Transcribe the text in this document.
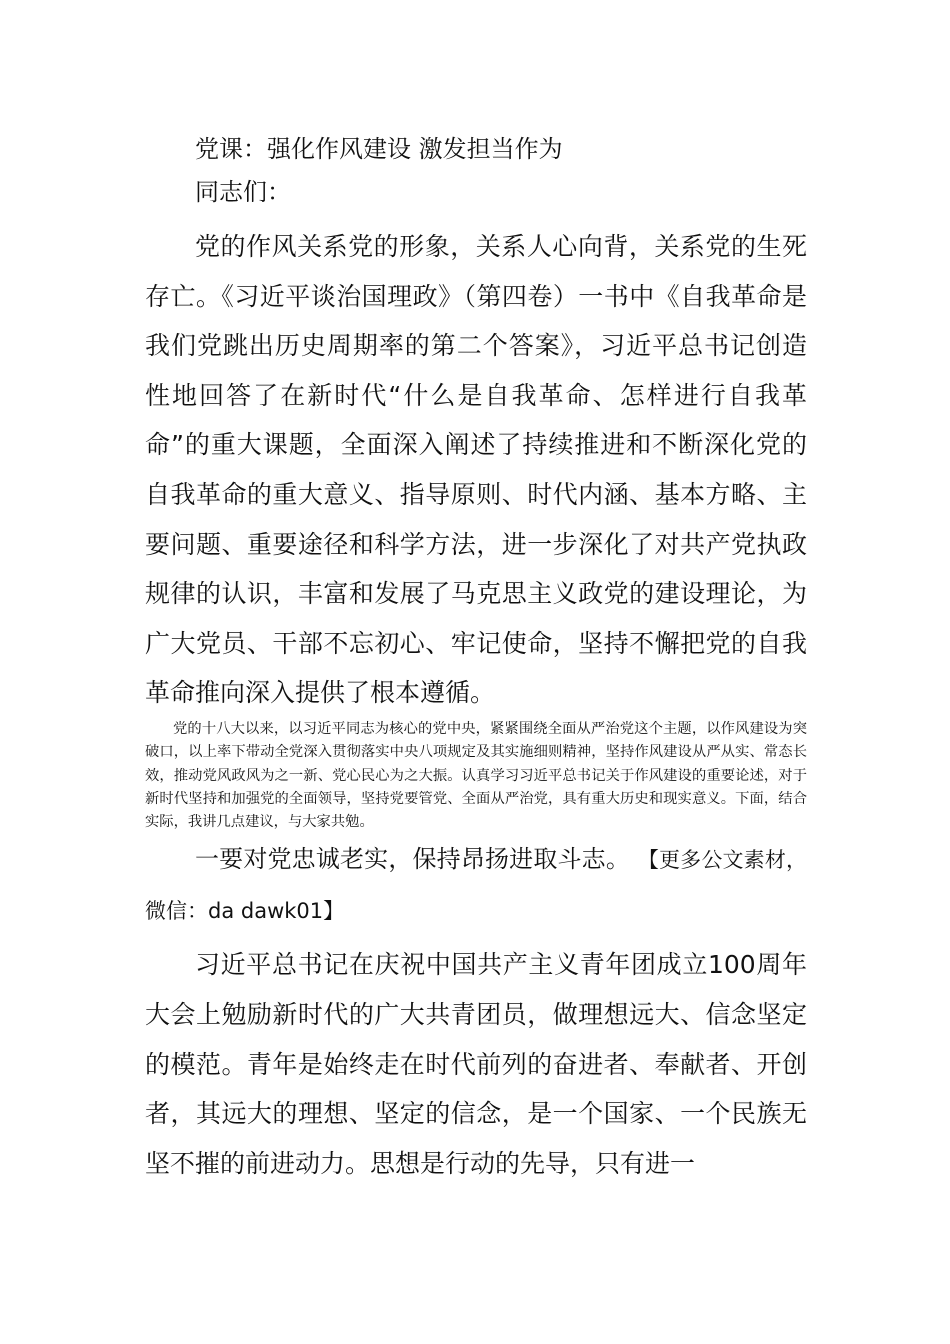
党课：强化作风建设 激发担当作为

同志们：

党的作风关系党的形象，关系人心向背，关系党的生死存亡。《习近平谈治国理政》（第四卷）一书中《自我革命是我们党跳出历史周期率的第二个答案》，习近平总书记创造性地回答了在新时代“什么是自我革命、怎样进行自我革命”的重大课题，全面深入阐述了持续推进和不断深化党的自我革命的重大意义、指导原则、时代内涵、基本方略、主要问题、重要途径和科学方法，进一步深化了对共产党执政规律的认识，丰富和发展了马克思主义政党的建设理论，为广大党员、干部不忘初心、牢记使命，坚持不懈把党的自我革命推向深入提供了根本遵循。

党的十八大以来，以习近平同志为核心的党中央，紧紧围绕全面从严治党这个主题，以作风建设为突破口，以上率下带动全党深入贯彻落实中央八项规定及其实施细则精神，坚持作风建设从严从实、常态长效，推动党风政风为之一新、党心民心为之大振。认真学习习近平总书记关于作风建设的重要论述，对于新时代坚持和加强党的全面领导，坚持党要管党、全面从严治党，具有重大历史和现实意义。下面，结合实际，我讲几点建议，与大家共勉。

一要对党忠诚老实，保持昂扬进取斗志。 【更多公文素材，微信：da dawk01】

习近平总书记在庆祝中国共产主义青年团成立100周年大会上勉励新时代的广大共青团员，做理想远大、信念坚定的模范。青年是始终走在时代前列的奋进者、奉献者、开创者，其远大的理想、坚定的信念，是一个国家、一个民族无坚不摧的前进动力。思想是行动的先导，只有进一
